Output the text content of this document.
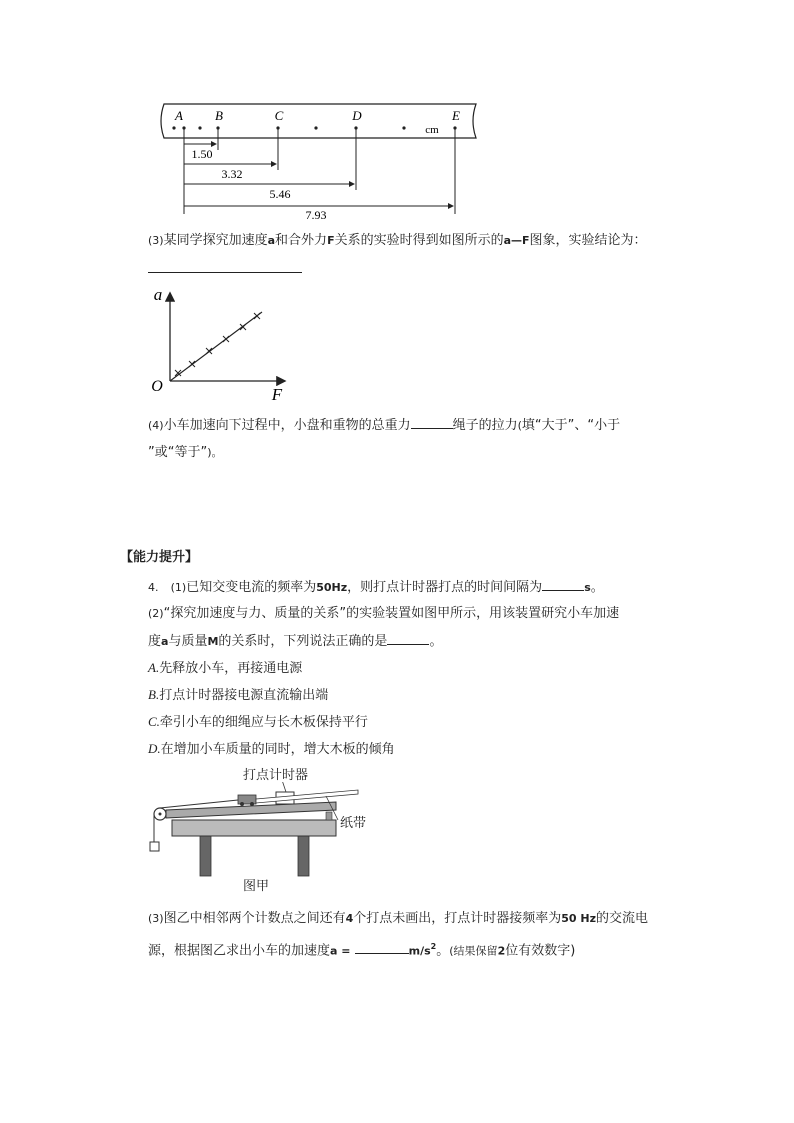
A B	C	D	E
cm
1.50
3.32
5.46
7.93
(3)某同学探究加速度a和合外力F关系的实验时得到如图所示的a—F图象，实验结论为：
a
F
O
(4)小车加速向下过程中，小盘和重物的总重力	绳子的拉力(填“大于”、“小于
”或“等于”)。
【能力提升】
4. (1)已知交变电流的频率为50Hz，则打点计时器打点的时间间隔为	s。
(2)“探究加速度与力、质量的关系”的实验装置如图甲所示，用该装置研究小车加速
度a与质量M的关系时，下列说法正确的是	。
A.先释放小车，再接通电源
B.打点计时器接电源直流输出端
C.牵引小车的细绳应与长木板保持平行
D.在增加小车质量的同时，增大木板的倾角
打点计时器
纸带
图甲
(3)图乙中相邻两个计数点之间还有4个打点未画出，打点计时器接频率为50 Hz的交流电
源，根据图乙求出小车的加速度a =	$m/s^2$。(结果保留2位有效数字)
